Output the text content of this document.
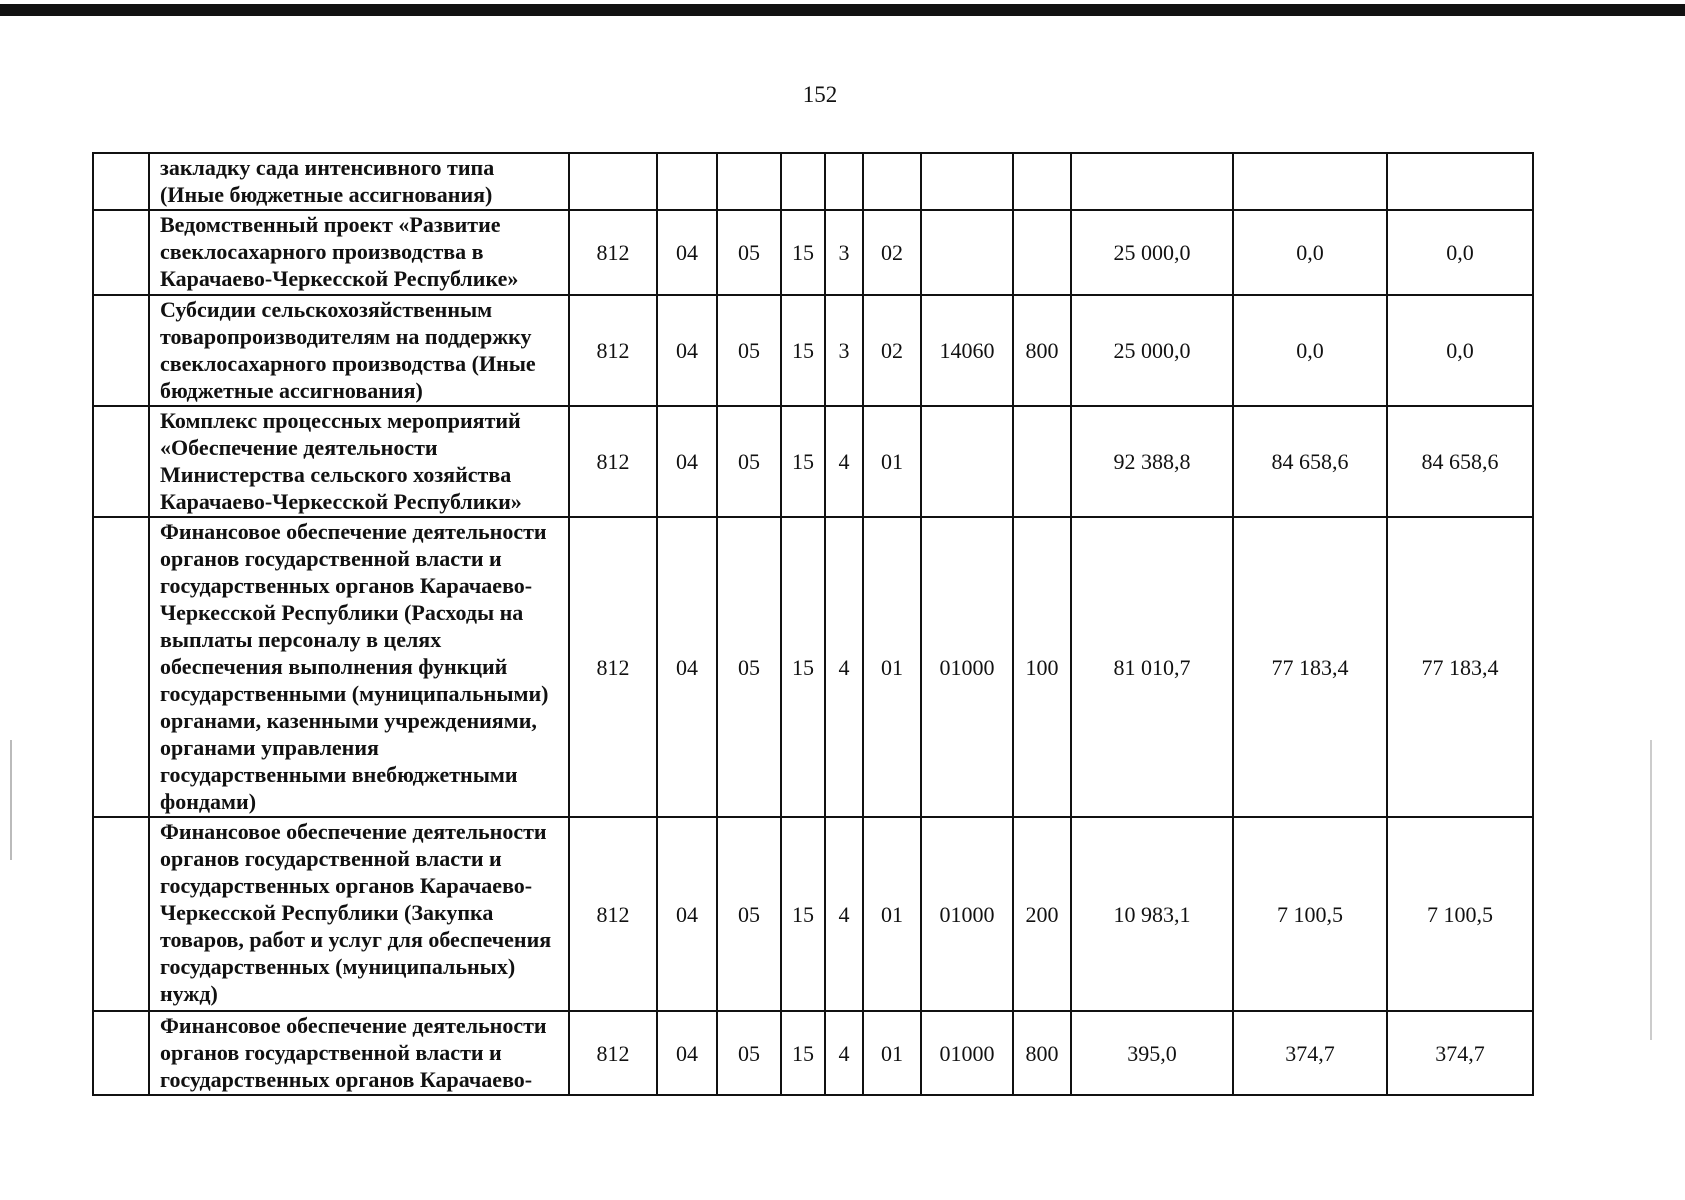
152
	закладку сада интенсивного типа (Иные бюджетные ассигнования)											
	Ведомственный проект «Развитие свеклосахарного производства в Карачаево-Черкесской Республике»	812	04	05	15	3	02			25 000,0	0,0	0,0
	Субсидии сельскохозяйственным товаропроизводителям на поддержку свеклосахарного производства (Иные бюджетные ассигнования)	812	04	05	15	3	02	14060	800	25 000,0	0,0	0,0
	Комплекс процессных мероприятий «Обеспечение деятельности Министерства сельского хозяйства Карачаево-Черкесской Республики»	812	04	05	15	4	01			92 388,8	84 658,6	84 658,6
	Финансовое обеспечение деятельности органов государственной власти и государственных органов Карачаево-Черкесской Республики (Расходы на выплаты персоналу в целях обеспечения выполнения функций государственными (муниципальными) органами, казенными учреждениями, органами управления государственными внебюджетными фондами)	812	04	05	15	4	01	01000	100	81 010,7	77 183,4	77 183,4
	Финансовое обеспечение деятельности органов государственной власти и государственных органов Карачаево-Черкесской Республики (Закупка товаров, работ и услуг для обеспечения государственных (муниципальных) нужд)	812	04	05	15	4	01	01000	200	10 983,1	7 100,5	7 100,5
	Финансовое обеспечение деятельности органов государственной власти и государственных органов Карачаево-	812	04	05	15	4	01	01000	800	395,0	374,7	374,7
